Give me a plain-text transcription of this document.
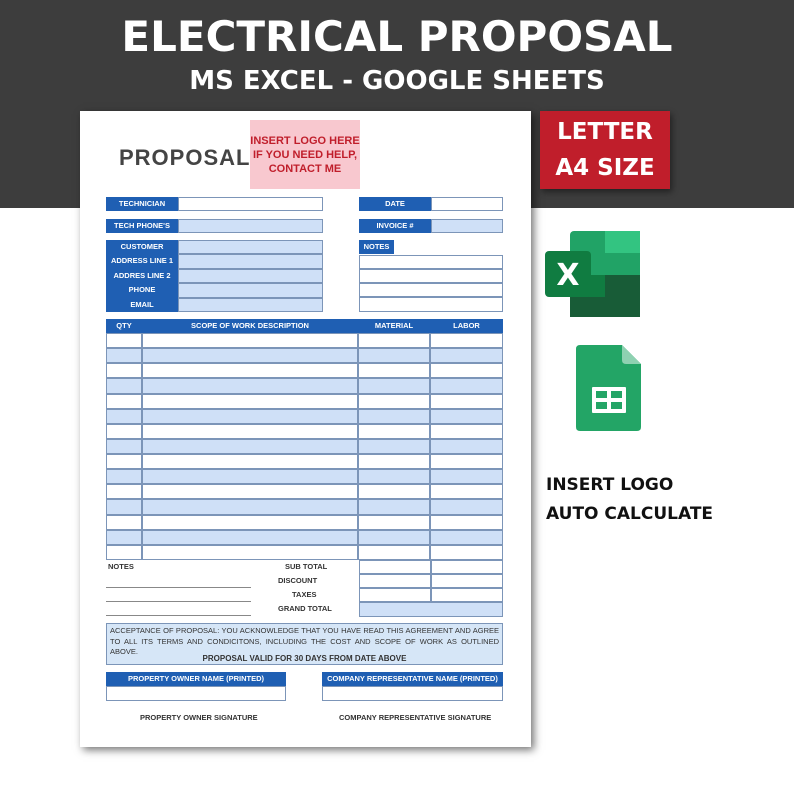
ELECTRICAL PROPOSAL
MS EXCEL - GOOGLE SHEETS
PROPOSAL
INSERT LOGO HERE IF YOU NEED HELP, CONTACT ME
TECHNICIAN
TECH PHONE'S
DATE
INVOICE #
CUSTOMER
ADDRESS LINE 1
ADDRES LINE 2
PHONE
EMAIL
NOTES
QTY	SCOPE OF WORK DESCRIPTION	MATERIAL	LABOR
NOTES	SUB TOTAL
DISCOUNT
TAXES
GRAND TOTAL
ACCEPTANCE OF PROPOSAL: YOU ACKNOWLEDGE THAT YOU HAVE READ THIS AGREEMENT AND AGREE TO ALL ITS TERMS AND CONDICITONS, INCLUDING THE COST AND SCOPE OF WORK AS OUTLINED ABOVE.
PROPOSAL VALID FOR 30 DAYS FROM DATE ABOVE
PROPERTY OWNER NAME (PRINTED)	COMPANY REPRESENTATIVE NAME (PRINTED)
PROPERTY OWNER SIGNATURE	COMPANY REPRESENTATIVE SIGNATURE
LETTER
A4 SIZE
X
INSERT LOGO
AUTO CALCULATE
